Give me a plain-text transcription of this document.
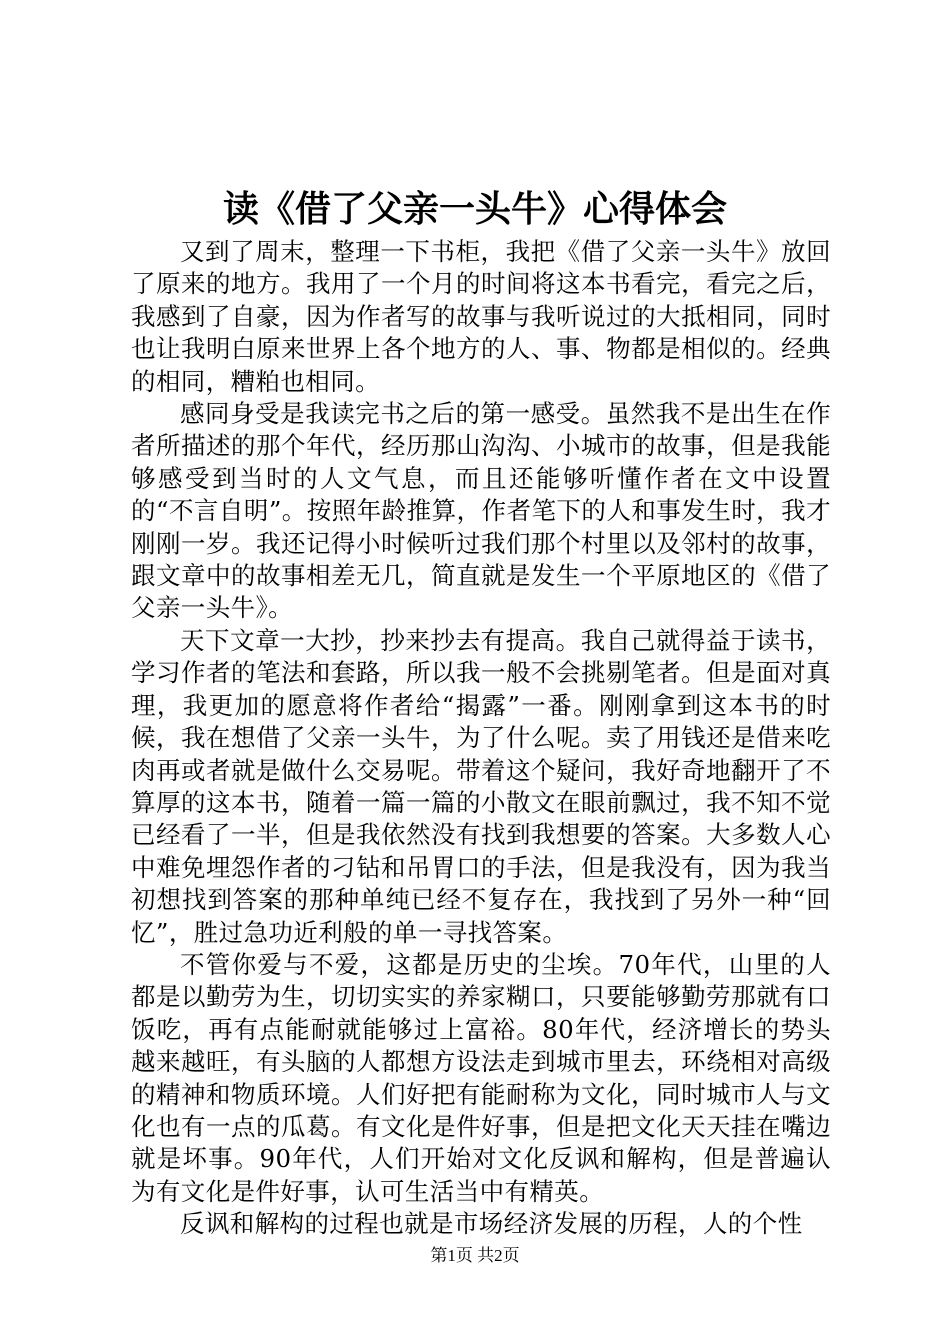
读《借了父亲一头牛》心得体会

又到了周末，整理一下书柜，我把《借了父亲一头牛》放回了原来的地方。我用了一个月的时间将这本书看完，看完之后，我感到了自豪，因为作者写的故事与我听说过的大抵相同，同时也让我明白原来世界上各个地方的人、事、物都是相似的。经典的相同，糟粕也相同。

感同身受是我读完书之后的第一感受。虽然我不是出生在作者所描述的那个年代，经历那山沟沟、小城市的故事，但是我能够感受到当时的人文气息，而且还能够听懂作者在文中设置的“不言自明”。按照年龄推算，作者笔下的人和事发生时，我才刚刚一岁。我还记得小时候听过我们那个村里以及邻村的故事，跟文章中的故事相差无几，简直就是发生一个平原地区的《借了父亲一头牛》。

天下文章一大抄，抄来抄去有提高。我自己就得益于读书，学习作者的笔法和套路，所以我一般不会挑剔笔者。但是面对真理，我更加的愿意将作者给“揭露”一番。刚刚拿到这本书的时候，我在想借了父亲一头牛，为了什么呢。卖了用钱还是借来吃肉再或者就是做什么交易呢。带着这个疑问，我好奇地翻开了不算厚的这本书，随着一篇一篇的小散文在眼前飘过，我不知不觉已经看了一半，但是我依然没有找到我想要的答案。大多数人心中难免埋怨作者的刁钻和吊胃口的手法，但是我没有，因为我当初想找到答案的那种单纯已经不复存在，我找到了另外一种“回忆”，胜过急功近利般的单一寻找答案。

不管你爱与不爱，这都是历史的尘埃。70年代，山里的人都是以勤劳为生，切切实实的养家糊口，只要能够勤劳那就有口饭吃，再有点能耐就能够过上富裕。80年代，经济增长的势头越来越旺，有头脑的人都想方设法走到城市里去，环绕相对高级的精神和物质环境。人们好把有能耐称为文化，同时城市人与文化也有一点的瓜葛。有文化是件好事，但是把文化天天挂在嘴边就是坏事。90年代，人们开始对文化反讽和解构，但是普遍认为有文化是件好事，认可生活当中有精英。

反讽和解构的过程也就是市场经济发展的历程，人的个性

第1页 共2页
